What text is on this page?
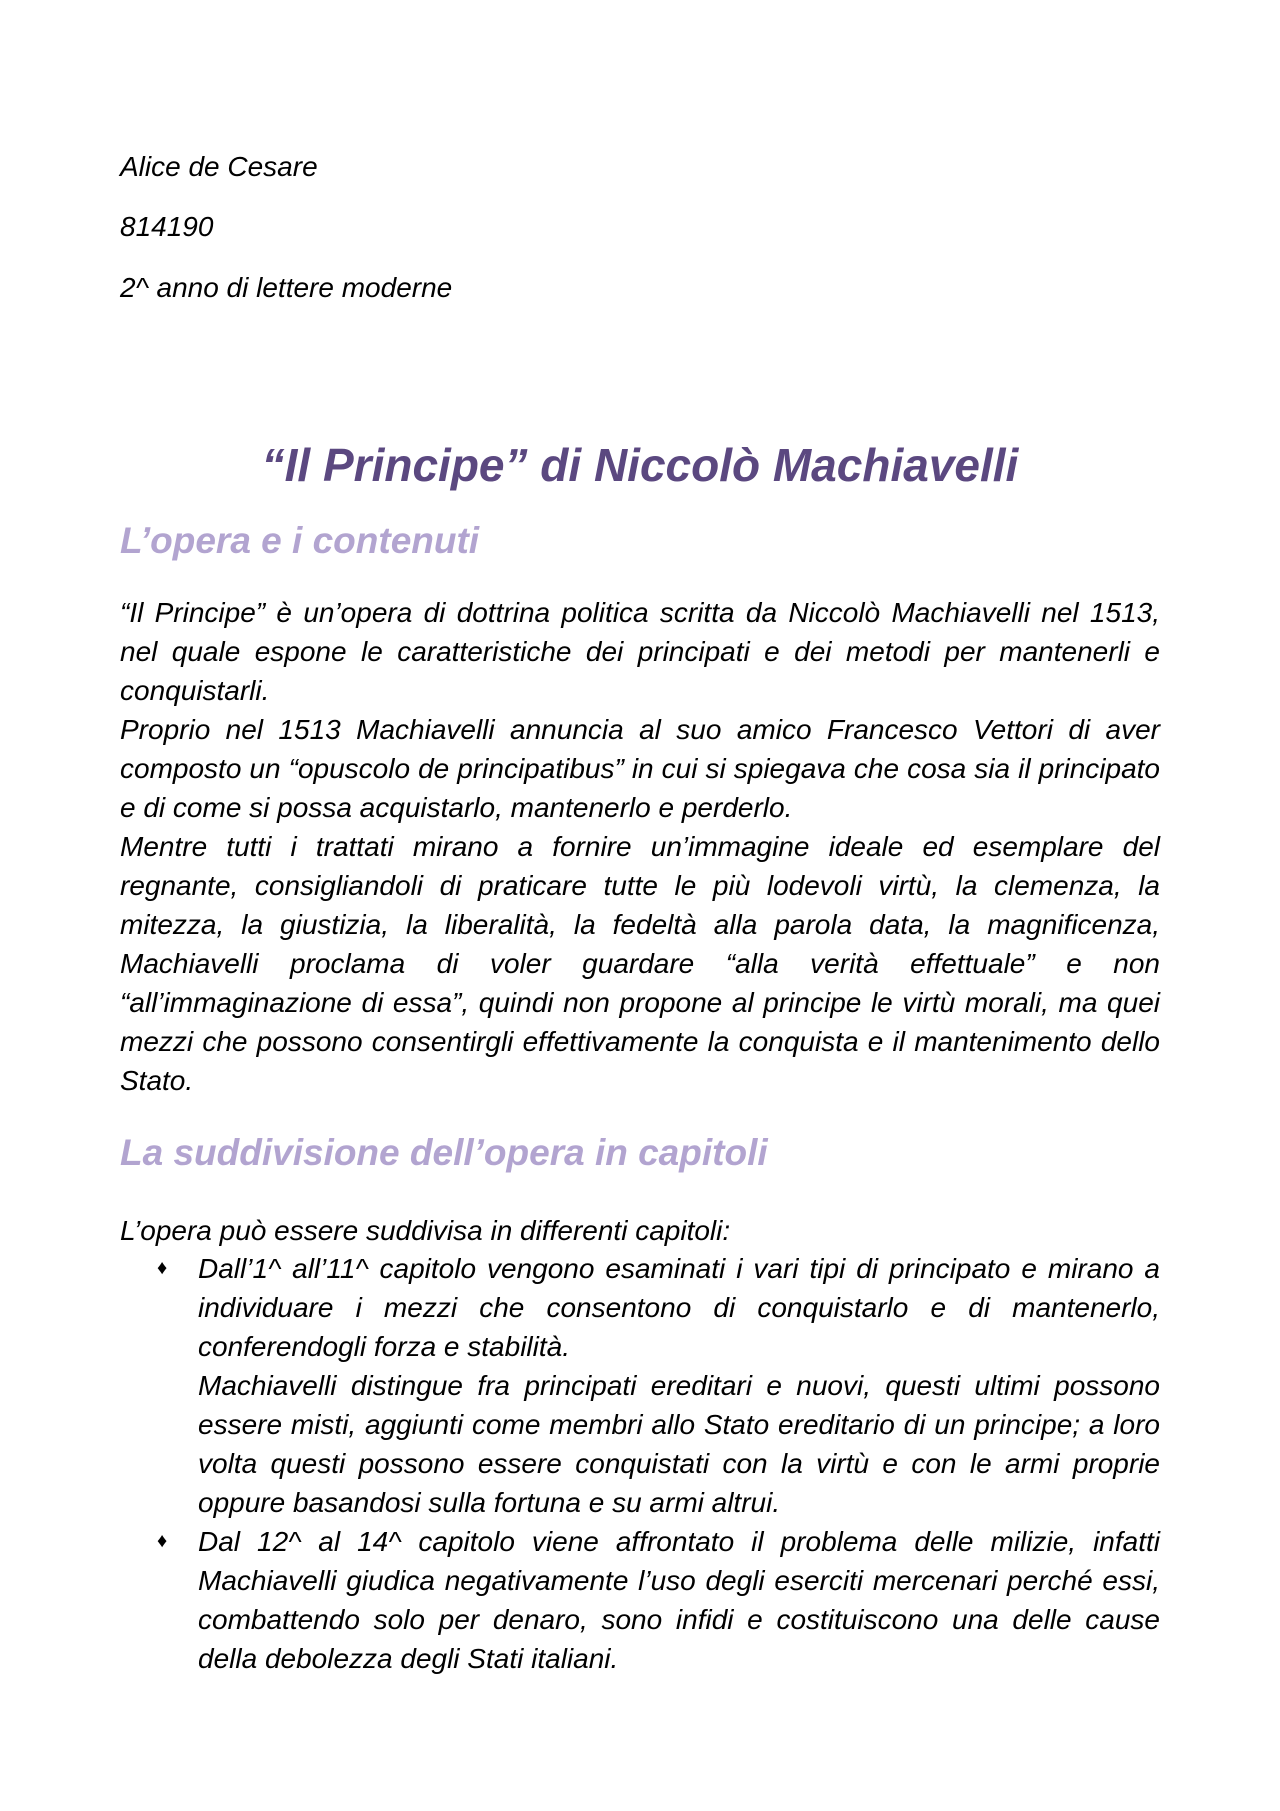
Alice de Cesare

814190

2^ anno di lettere moderne

“Il Principe” di Niccolò Machiavelli
L’opera e i contenuti

“Il Principe” è un’opera di dottrina politica scritta da Niccolò Machiavelli nel 1513, nel quale espone le caratteristiche dei principati e dei metodi per mantenerli e conquistarli.

Proprio nel 1513 Machiavelli annuncia al suo amico Francesco Vettori di aver composto un “opuscolo de principatibus” in cui si spiegava che cosa sia il principato e di come si possa acquistarlo, mantenerlo e perderlo.

Mentre tutti i trattati mirano a fornire un’immagine ideale ed esemplare del regnante, consigliandoli di praticare tutte le più lodevoli virtù, la clemenza, la mitezza, la giustizia, la liberalità, la fedeltà alla parola data, la magnificenza, Machiavelli proclama di voler guardare “alla verità effettuale” e non “all’immaginazione di essa”, quindi non propone al principe le virtù morali, ma quei mezzi che possono consentirgli effettivamente la conquista e il mantenimento dello Stato.

La suddivisione dell’opera in capitoli

L’opera può essere suddivisa in differenti capitoli:

♦ Dall’1^ all’11^ capitolo vengono esaminati i vari tipi di principato e mirano a individuare i mezzi che consentono di conquistarlo e di mantenerlo, conferendogli forza e stabilità.

Machiavelli distingue fra principati ereditari e nuovi, questi ultimi possono essere misti, aggiunti come membri allo Stato ereditario di un principe; a loro volta questi possono essere conquistati con la virtù e con le armi proprie oppure basandosi sulla fortuna e su armi altrui.

♦ Dal 12^ al 14^ capitolo viene affrontato il problema delle milizie, infatti Machiavelli giudica negativamente l’uso degli eserciti mercenari perché essi, combattendo solo per denaro, sono infidi e costituiscono una delle cause della debolezza degli Stati italiani.
